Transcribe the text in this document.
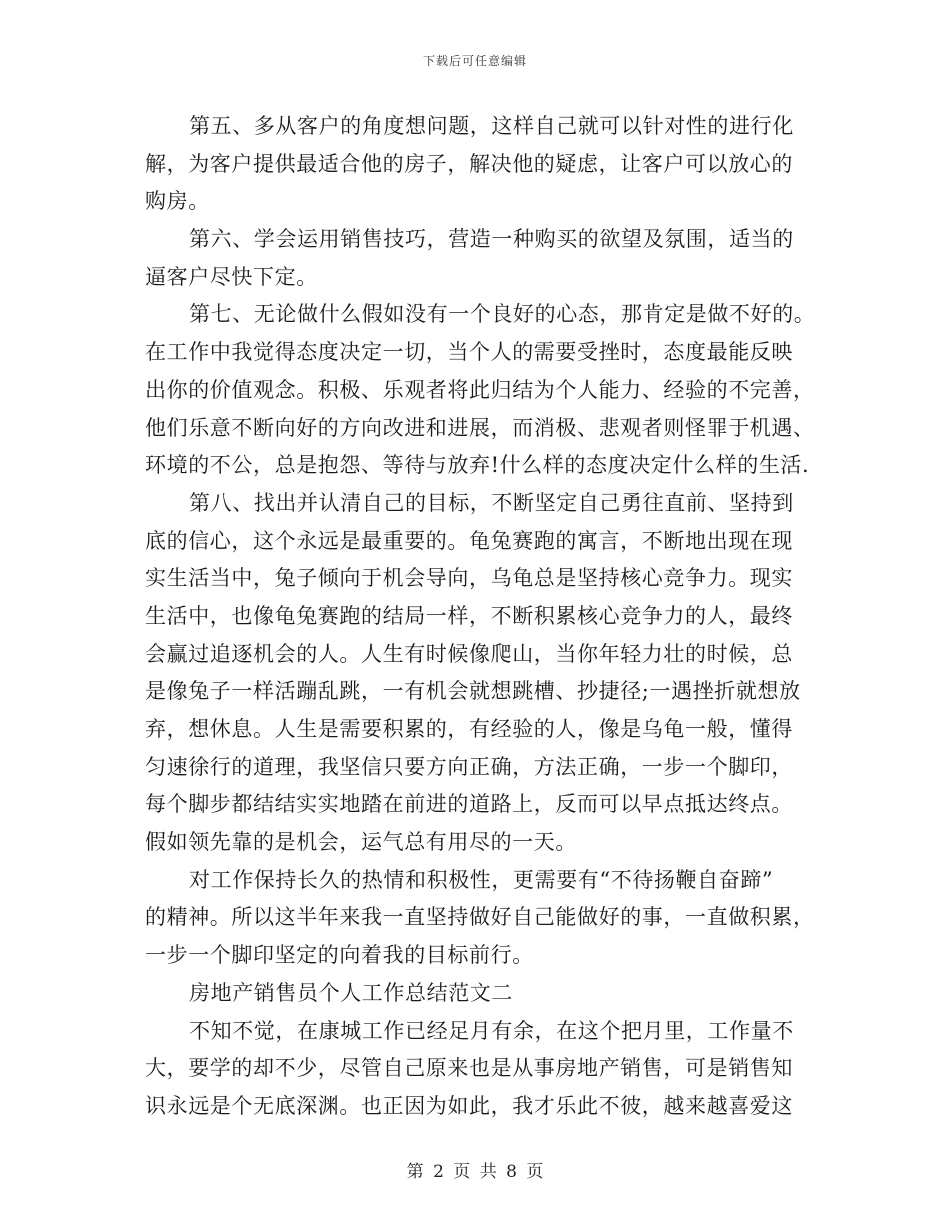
下载后可任意编辑
第五、多从客户的角度想问题，这样自己就可以针对性的进行化
解，为客户提供最适合他的房子，解决他的疑虑，让客户可以放心的
购房。
第六、学会运用销售技巧，营造一种购买的欲望及氛围，适当的
逼客户尽快下定。
第七、无论做什么假如没有一个良好的心态，那肯定是做不好的。
在工作中我觉得态度决定一切，当个人的需要受挫时，态度最能反映
出你的价值观念。积极、乐观者将此归结为个人能力、经验的不完善，
他们乐意不断向好的方向改进和进展，而消极、悲观者则怪罪于机遇、
环境的不公，总是抱怨、等待与放弃!什么样的态度决定什么样的生活.
第八、找出并认清自己的目标，不断坚定自己勇往直前、坚持到
底的信心，这个永远是最重要的。龟兔赛跑的寓言，不断地出现在现
实生活当中，兔子倾向于机会导向，乌龟总是坚持核心竞争力。现实
生活中，也像龟兔赛跑的结局一样，不断积累核心竞争力的人，最终
会赢过追逐机会的人。人生有时候像爬山，当你年轻力壮的时候，总
是像兔子一样活蹦乱跳，一有机会就想跳槽、抄捷径;一遇挫折就想放
弃，想休息。人生是需要积累的，有经验的人，像是乌龟一般，懂得
匀速徐行的道理，我坚信只要方向正确，方法正确，一步一个脚印，
每个脚步都结结实实地踏在前进的道路上，反而可以早点抵达终点。
假如领先靠的是机会，运气总有用尽的一天。
对工作保持长久的热情和积极性，更需要有“不待扬鞭自奋蹄”
的精神。所以这半年来我一直坚持做好自己能做好的事，一直做积累，
一步一个脚印坚定的向着我的目标前行。
房地产销售员个人工作总结范文二
不知不觉，在康城工作已经足月有余，在这个把月里，工作量不
大，要学的却不少，尽管自己原来也是从事房地产销售，可是销售知
识永远是个无底深渊。也正因为如此，我才乐此不彼，越来越喜爱这
第 2 页 共 8 页
